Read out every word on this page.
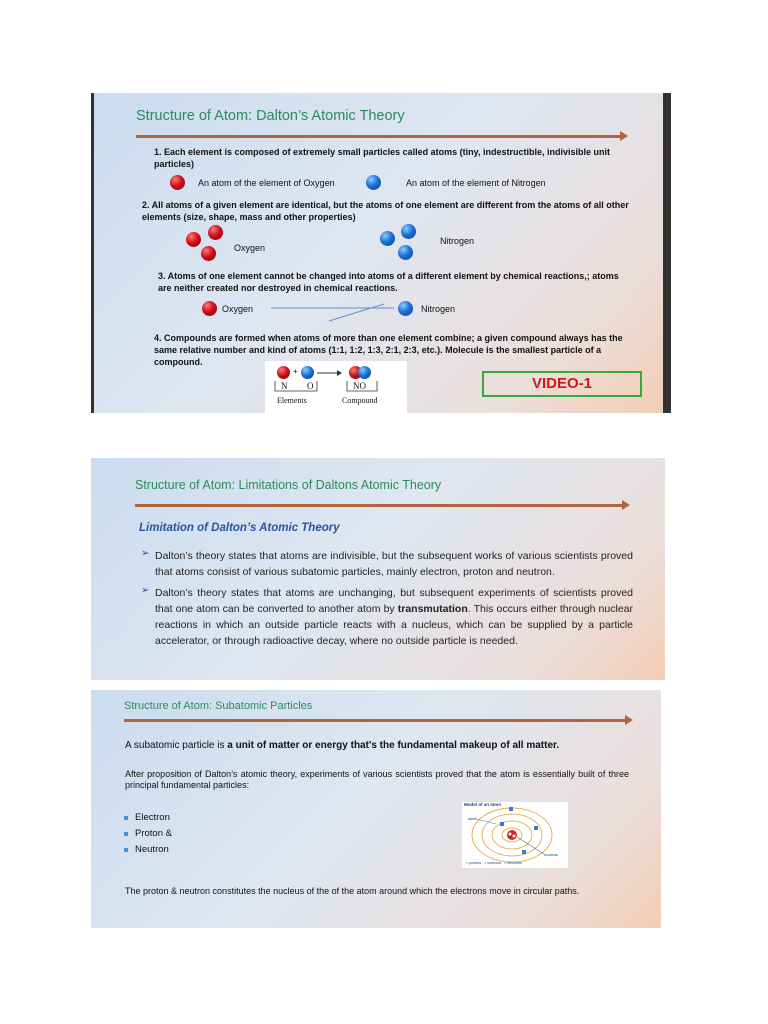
Structure of Atom: Dalton’s Atomic Theory
1. Each element is composed of extremely small particles called atoms (tiny, indestructible, indivisible unit particles)
An atom of the element of Oxygen	An atom of the element of Nitrogen
2. All atoms of a given element are identical, but the atoms of one element are different from the atoms of all other elements (size, shape, mass and other properties)
Oxygen
Nitrogen
3. Atoms of one element cannot be changed into atoms of a different element by chemical reactions,; atoms are neither created nor destroyed in chemical reactions.
Oxygen	Nitrogen
4. Compounds are formed when atoms of more than one element combine; a given compound always has the same relative number and kind of atoms (1:1, 1:2, 1:3, 2:1, 2:3, etc.). Molecule is the smallest particle of a compound.
+ →
N O	NO
Elements	Compound
VIDEO-1
Structure of Atom: Limitations of Daltons Atomic Theory
Limitation of Dalton’s Atomic Theory
➢ Dalton’s theory states that atoms are indivisible, but the subsequent works of various scientists proved that atoms consist of various subatomic particles, mainly electron, proton and neutron.
➢ Dalton’s theory states that atoms are unchanging, but subsequent experiments of scientists proved that one atom can be converted to another atom by transmutation. This occurs either through nuclear reactions in which an outside particle reacts with a nucleus, which can be supplied by a particle accelerator, or through radioactive decay, where no outside particle is needed.
Structure of Atom: Subatomic Particles
A subatomic particle is a unit of matter or energy that's the fundamental makeup of all matter.
After proposition of Dalton’s atomic theory, experiments of various scientists proved that the atom is essentially built of three principal fundamental particles:
Electron
Proton &
Neutron
Model of an atom
shell
nucleus
= protons   = neutrons   = electrons
The proton & neutron constitutes the nucleus of the of the atom around which the electrons move in circular paths.
